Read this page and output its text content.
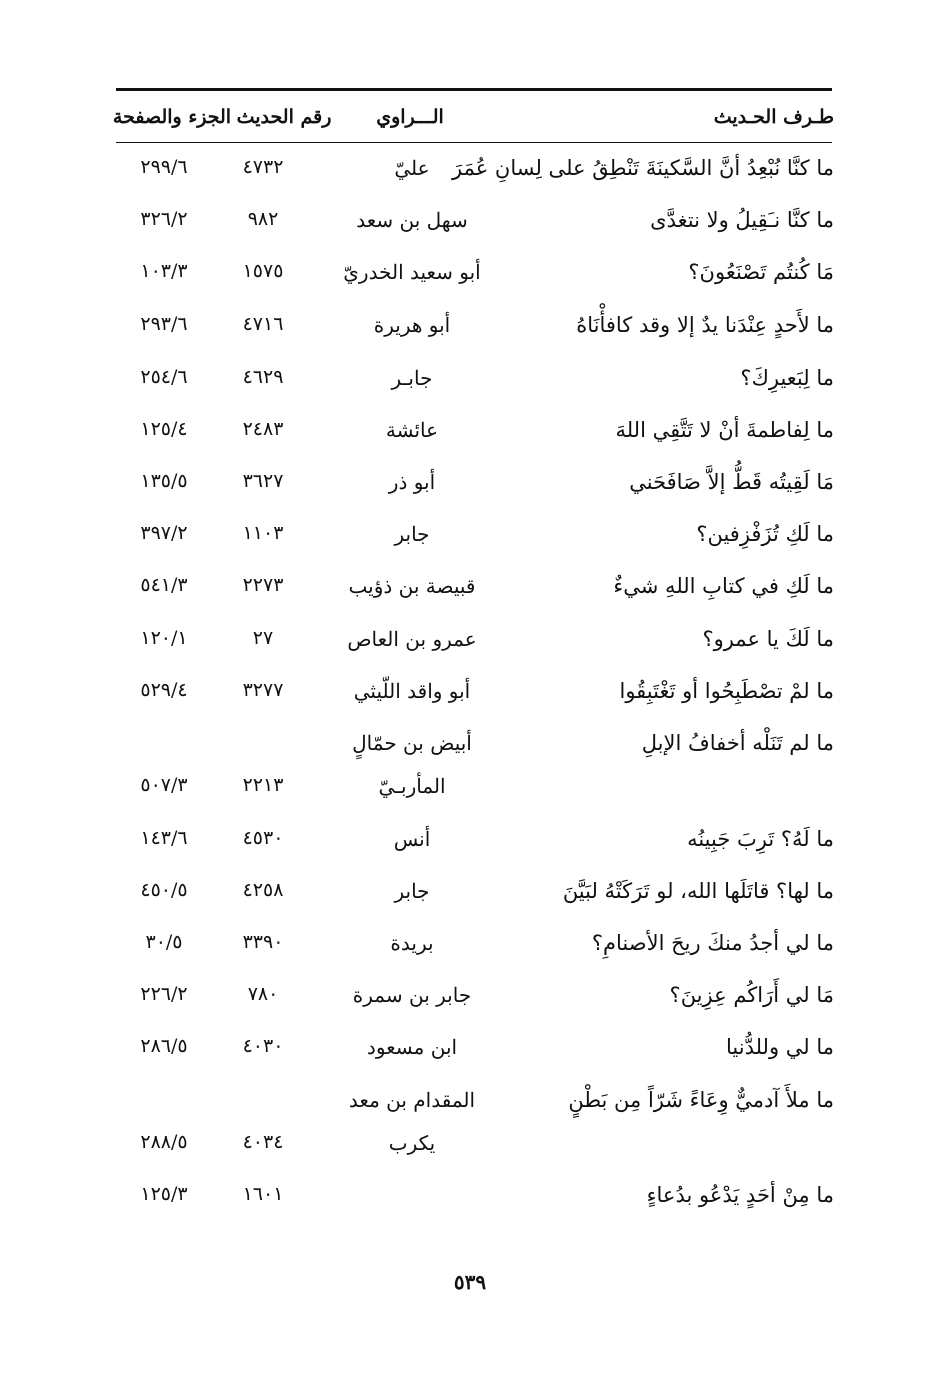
طـرف الحـديث
الـــراوي
رقم الحديث
الجزء والصفحة
ما كنَّا نُبْعِدُ أنَّ السَّكينَةَ تَنْطِقُ على لِسانِ عُمَرَ
عليّ
٤٧٣٢
٢٩٩/٦
ما كنَّا نـَقِيلُ ولا نتغدَّى
سهل بن سعد
٩٨٢
٣٢٦/٢
مَا كُنتُم تَصْنَعُونَ؟
أبو سعيد الخدريّ
١٥٧٥
١٠٣/٣
ما لأَحدٍ عِنْدَنا يدٌ إلا وقد كافأْنَاهُ
أبو هريرة
٤٧١٦
٢٩٣/٦
ما لِبَعيرِكَ؟
جابـر
٤٦٢٩
٢٥٤/٦
ما لِفاطمةَ أنْ لا تَتَّقِي اللهَ
عائشة
٢٤٨٣
١٢٥/٤
مَا لَقِيتُه قَطُّ إلاَّ صَافَحَني
أبو ذر
٣٦٢٧
١٣٥/٥
ما لَكِ تُزَفْزِفين؟
جابر
١١٠٣
٣٩٧/٢
ما لَكِ في كتابِ اللهِ شيءٌ
قبيصة بن ذؤيب
٢٢٧٣
٥٤١/٣
ما لَكَ يا عمرو؟
عمرو بن العاص
٢٧
١٢٠/١
ما لمْ تصْطَبِحُوا أو تَغْتَبِقُوا
أبو واقد اللّيثي
٣٢٧٧
٥٢٩/٤
ما لم تَنَلْه أخفافُ الإبلِ
أبيض بن حمّالٍ
المأربـيّ
٢٢١٣
٥٠٧/٣
ما لَهُ؟ تَرِبَ جَبِينُه
أنس
٤٥٣٠
١٤٣/٦
ما لها؟ قاتَلَها الله، لو تَرَكَتْهُ لبَيَّنَ
جابر
٤٢٥٨
٤٥٠/٥
ما لي أجدُ منكَ ريحَ الأصنامِ؟
بريدة
٣٣٩٠
٣٠/٥
مَا لي أَرَاكُم عِزِينَ؟
جابر بن سمرة
٧٨٠
٢٢٦/٢
ما لي وللدُّنيا
ابن مسعود
٤٠٣٠
٢٨٦/٥
ما ملأَ آدميٌّ وِعَاءً شَرّاً مِن بَطْنٍ
المقدام بن معد
يكرب
٤٠٣٤
٢٨٨/٥
ما مِنْ أحَدٍ يَدْعُو بدُعاءٍ
١٦٠١
١٢٥/٣
٥٣٩
